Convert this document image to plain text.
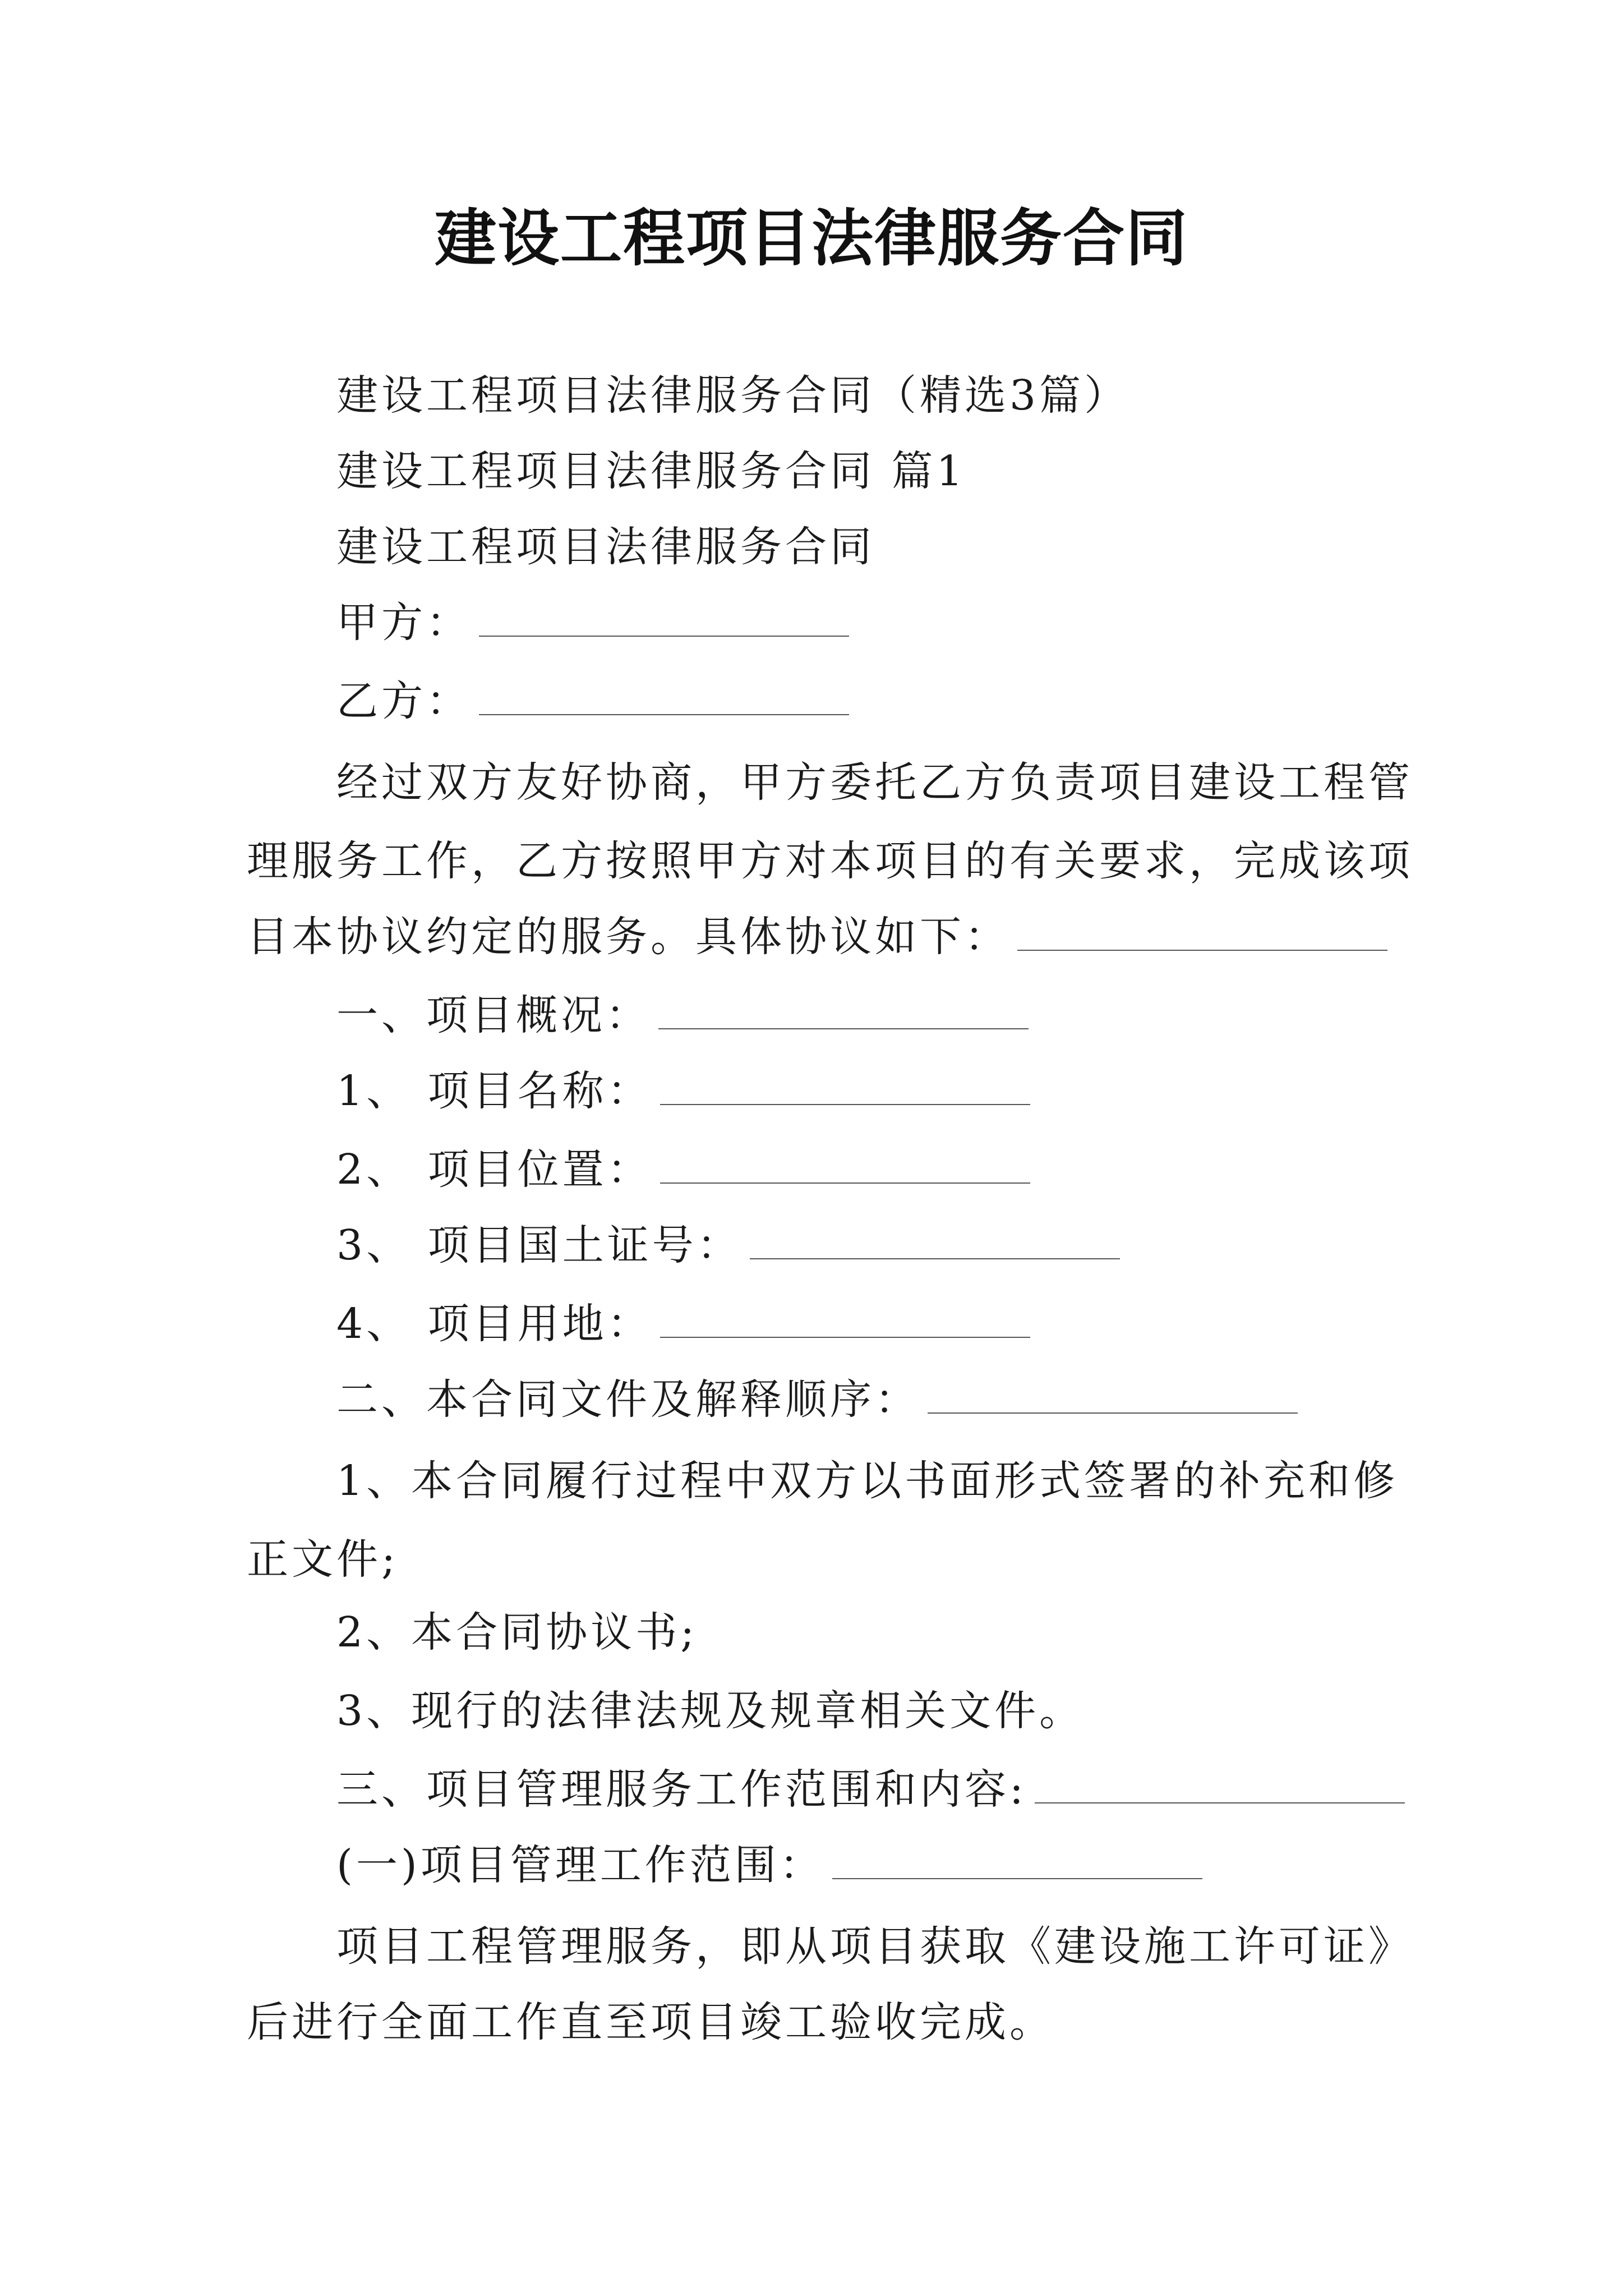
建设工程项目法律服务合同
建设工程项目法律服务合同（精选3篇）
建设工程项目法律服务合同 篇1
建设工程项目法律服务合同
甲方：
乙方：
经过双方友好协商，甲方委托乙方负责项目建设工程管
理服务工作，乙方按照甲方对本项目的有关要求，完成该项
目本协议约定的服务。具体协议如下：
一、项目概况：
1、 项目名称：
2、 项目位置：
3、 项目国土证号：
4、 项目用地：
二、本合同文件及解释顺序：
1、本合同履行过程中双方以书面形式签署的补充和修
正文件;
2、本合同协议书;
3、现行的法律法规及规章相关文件。
三、项目管理服务工作范围和内容:
(一)项目管理工作范围：
项目工程管理服务，即从项目获取《建设施工许可证》
后进行全面工作直至项目竣工验收完成。
